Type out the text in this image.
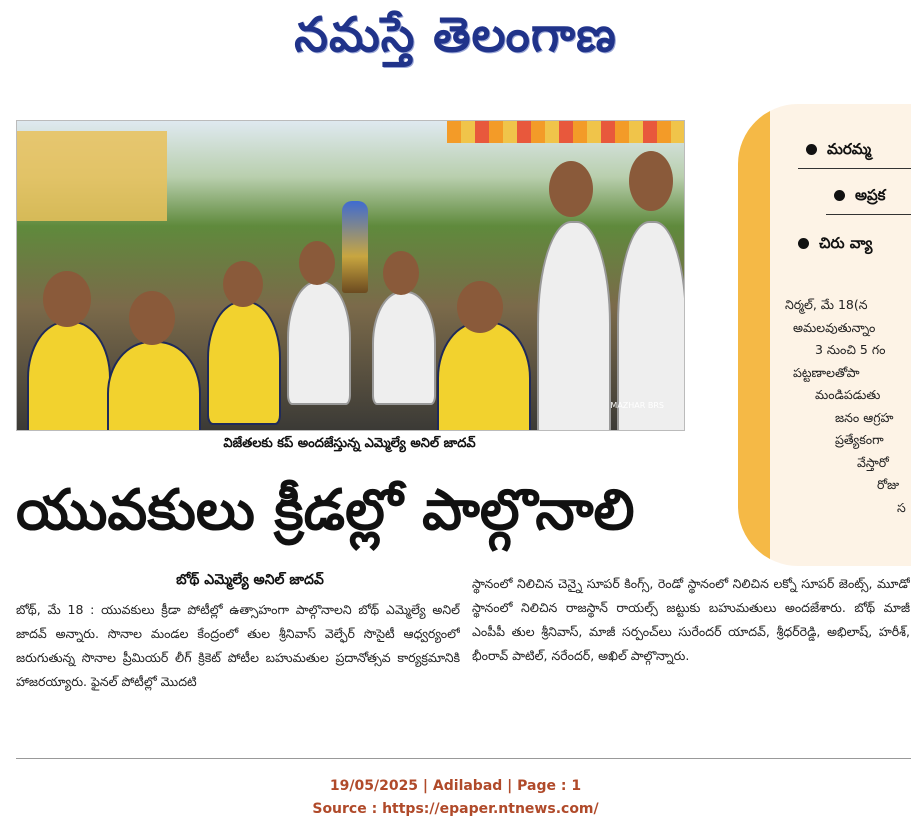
నమస్తే తెలంగాణ
మరమ్మ
అప్రక
చిరు వ్యా
నిర్మల్, మే 18(న
అమలవుతున్నాం
3 నుంచి 5 గం
పట్టణాలతోపా
మండిపడుతు
జనం ఆగ్రహ
ప్రత్యేకంగా
వేస్తారో
రోజు
స
MAZHAR BRS
విజేతలకు కప్ అందజేస్తున్న ఎమ్మెల్యే అనిల్ జాదవ్
యువకులు క్రీడల్లో పాల్గొనాలి
బోథ్ ఎమ్మెల్యే అనిల్ జాదవ్
బోథ్, మే 18 : యువకులు క్రీడా పోటీల్లో ఉత్సాహంగా పాల్గొనాలని బోథ్ ఎమ్మెల్యే అనిల్ జాదవ్ అన్నారు. సొనాల మండల కేంద్రంలో తుల శ్రీనివాస్ వెల్ఫేర్ సొసైటీ ఆధ్వర్యంలో జరుగుతున్న సొనాల ప్రీమియర్ లీగ్ క్రికెట్ పోటీల బహుమతుల ప్రదానోత్సవ కార్యక్రమానికి హాజరయ్యారు. ఫైనల్ పోటీల్లో మొదటి
స్థానంలో నిలిచిన చెన్నై సూపర్ కింగ్స్, రెండో స్థానంలో నిలిచిన లక్నో సూపర్ జెంట్స్, మూడో స్థానంలో నిలిచిన రాజస్థాన్ రాయల్స్ జట్టుకు బహుమతులు అందజేశారు. బోథ్ మాజీ ఎంపీపీ తుల శ్రీనివాస్, మాజీ సర్పంచ్‌లు సురేందర్ యాదవ్, శ్రీధర్‌రెడ్డి, అభిలాష్, హరీశ్, భీంరావ్ పాటిల్, నరేందర్, అఖిల్ పాల్గొన్నారు.
19/05/2025 | Adilabad | Page : 1
Source : https://epaper.ntnews.com/
